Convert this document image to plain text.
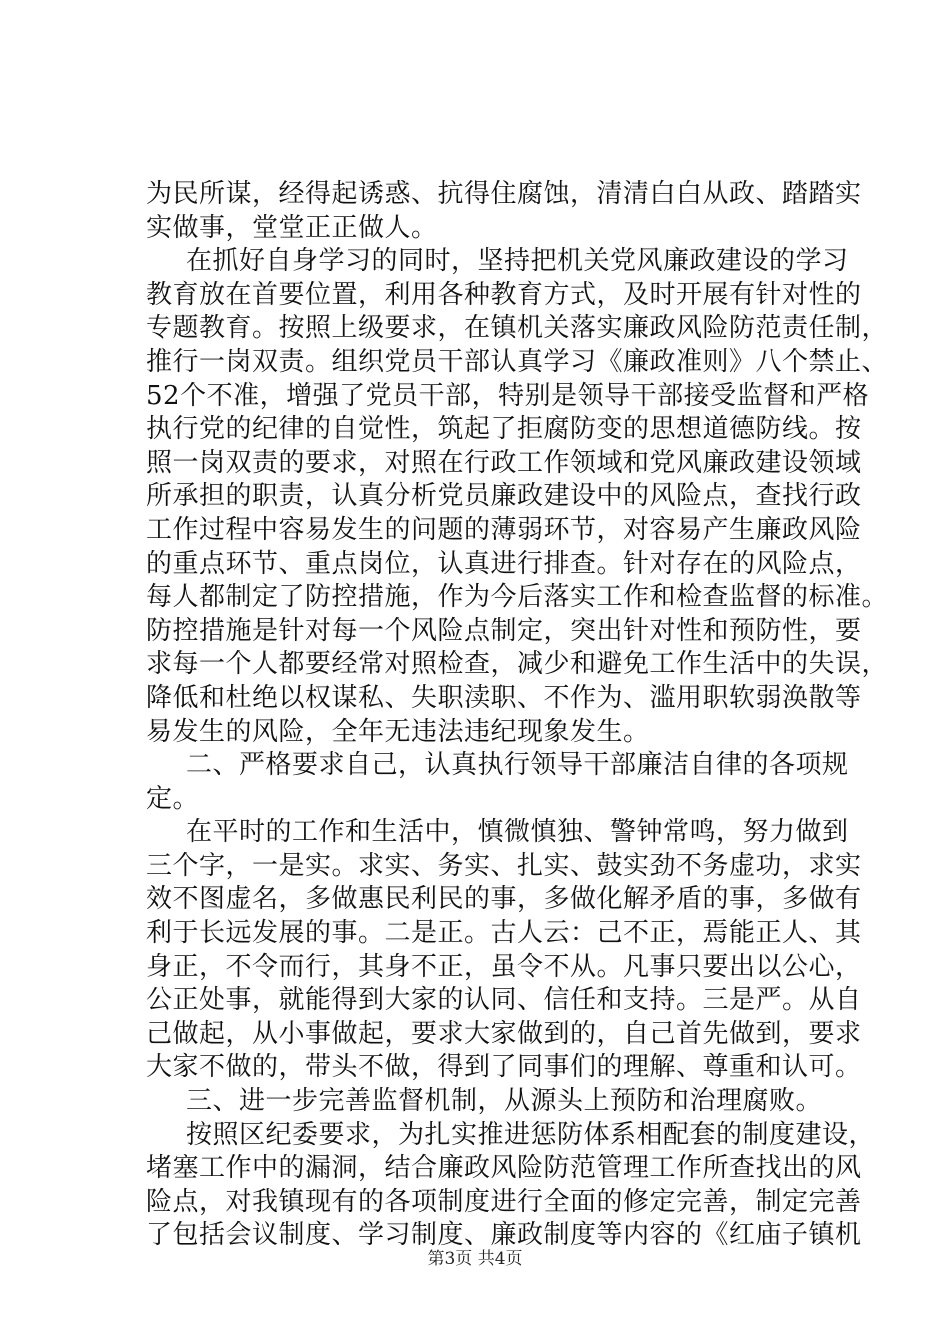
为民所谋，经得起诱惑、抗得住腐蚀，清清白白从政、踏踏实
实做事，堂堂正正做人。
在抓好自身学习的同时，坚持把机关党风廉政建设的学习
教育放在首要位置，利用各种教育方式，及时开展有针对性的
专题教育。按照上级要求，在镇机关落实廉政风险防范责任制，
推行一岗双责。组织党员干部认真学习《廉政准则》八个禁止、
52个不准，增强了党员干部，特别是领导干部接受监督和严格
执行党的纪律的自觉性，筑起了拒腐防变的思想道德防线。按
照一岗双责的要求，对照在行政工作领域和党风廉政建设领域
所承担的职责，认真分析党员廉政建设中的风险点，查找行政
工作过程中容易发生的问题的薄弱环节，对容易产生廉政风险
的重点环节、重点岗位，认真进行排查。针对存在的风险点，
每人都制定了防控措施，作为今后落实工作和检查监督的标准。
防控措施是针对每一个风险点制定，突出针对性和预防性，要
求每一个人都要经常对照检查，减少和避免工作生活中的失误，
降低和杜绝以权谋私、失职渎职、不作为、滥用职软弱涣散等
易发生的风险，全年无违法违纪现象发生。
二、严格要求自己，认真执行领导干部廉洁自律的各项规
定。
在平时的工作和生活中，慎微慎独、警钟常鸣，努力做到
三个字，一是实。求实、务实、扎实、鼓实劲不务虚功，求实
效不图虚名，多做惠民利民的事，多做化解矛盾的事，多做有
利于长远发展的事。二是正。古人云：己不正，焉能正人、其
身正，不令而行，其身不正，虽令不从。凡事只要出以公心，
公正处事，就能得到大家的认同、信任和支持。三是严。从自
己做起，从小事做起，要求大家做到的，自己首先做到，要求
大家不做的，带头不做，得到了同事们的理解、尊重和认可。
三、进一步完善监督机制，从源头上预防和治理腐败。
按照区纪委要求，为扎实推进惩防体系相配套的制度建设，
堵塞工作中的漏洞，结合廉政风险防范管理工作所查找出的风
险点，对我镇现有的各项制度进行全面的修定完善，制定完善
了包括会议制度、学习制度、廉政制度等内容的《红庙子镇机
第3页 共4页
